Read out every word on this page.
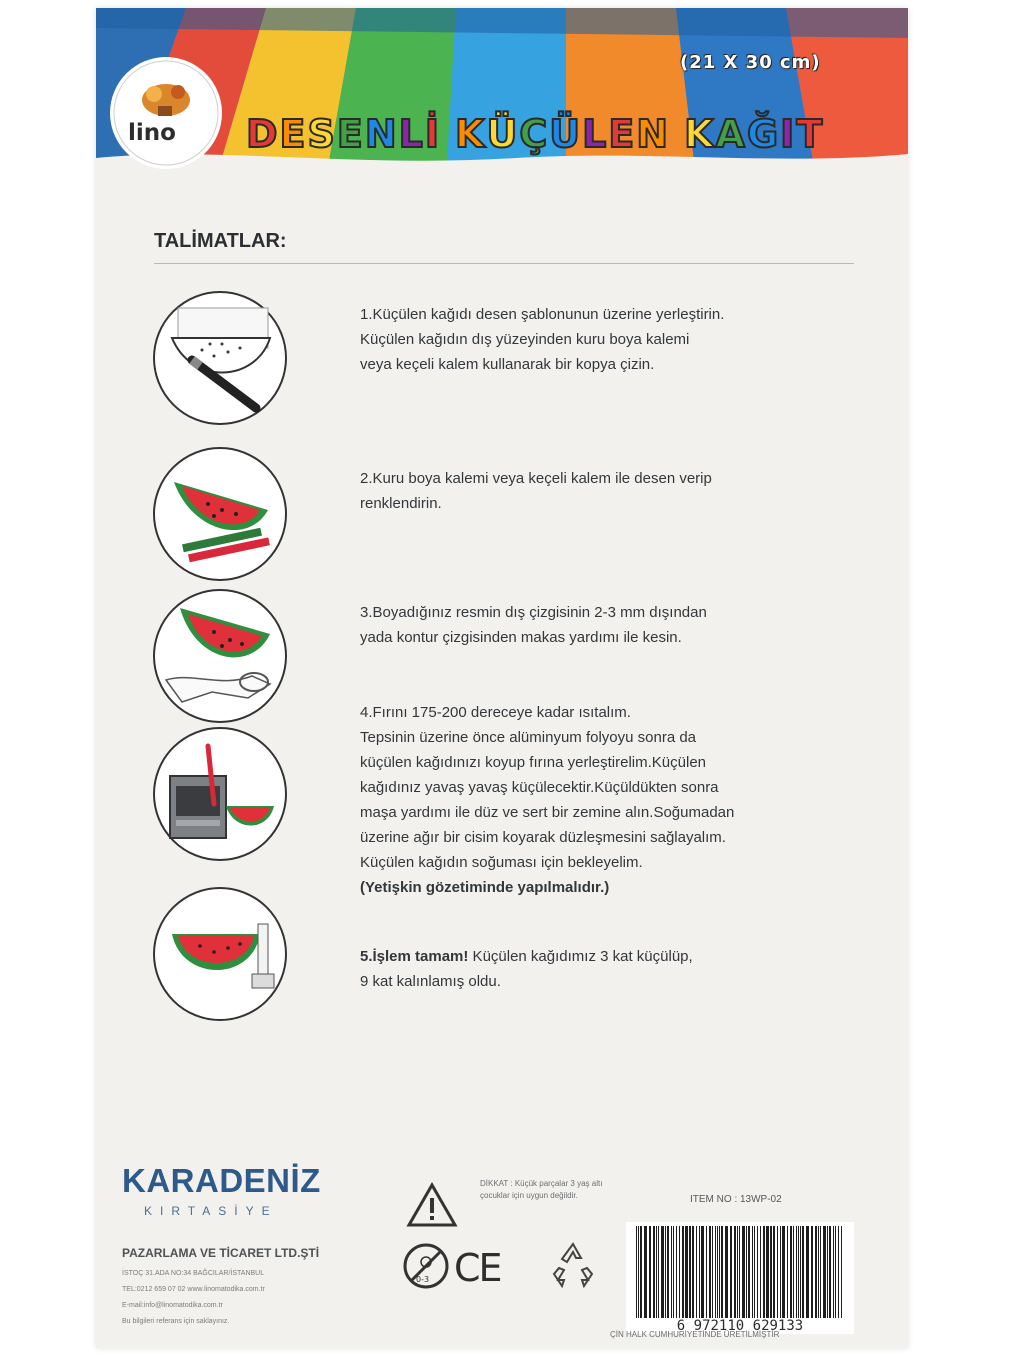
lino
(21 X 30 cm)
DESENLİ KÜÇÜLEN KAĞIT
TALİMATLAR:

1.Küçülen kağıdı desen şablonunun üzerine yerleştirin.

Küçülen kağıdın dış yüzeyinden kuru boya kalemi

veya keçeli kalem kullanarak bir kopya çizin.

2.Kuru boya kalemi veya keçeli kalem ile desen verip

renklendirin.

3.Boyadığınız resmin dış çizgisinin 2-3 mm dışından

yada kontur çizgisinden makas yardımı ile kesin.

4.Fırını 175-200 dereceye kadar ısıtalım.

Tepsinin üzerine önce alüminyum folyoyu sonra da

küçülen kağıdınızı koyup fırına yerleştirelim.Küçülen

kağıdınız yavaş yavaş küçülecektir.Küçüldükten sonra

maşa yardımı ile düz ve sert bir zemine alın.Soğumadan

üzerine ağır bir cisim koyarak düzleşmesini sağlayalım.

Küçülen kağıdın soğuması için bekleyelim.

(Yetişkin gözetiminde yapılmalıdır.)

5.İşlem tamam! Küçülen kağıdımız 3 kat küçülüp,

9 kat kalınlamış oldu.

KARADENİZ
KIRTASİYE
PAZARLAMA VE TİCARET LTD.ŞTİ
İSTOÇ 31.ADA NO:34 BAĞCILAR/İSTANBUL
TEL:0212 659 07 02 www.linomatodika.com.tr
E-mail:info@linomatodika.com.tr
Bu bilgileri referans için saklayınız.
DİKKAT : Küçük parçalar 3 yaş altı çocuklar için uygun değildir.	ITEM NO : 13WP-02
0-3 CE
6 972110 629133
ÇİN HALK CUMHURİYETİNDE ÜRETİLMİŞTİR
